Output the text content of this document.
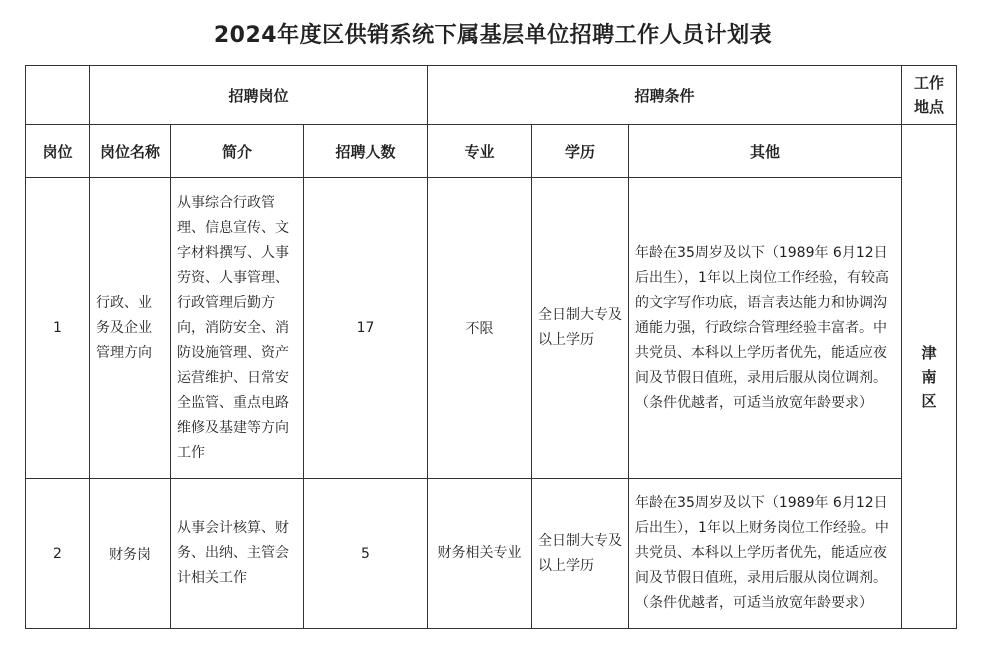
2024年度区供销系统下属基层单位招聘工作人员计划表
	招聘岗位			招聘条件			工作地点
岗位	岗位名称	简介	招聘人数	专业	学历	其他	津南区
1	行政、业务及企业管理方向	从事综合行政管理、信息宣传、文字材料撰写、人事劳资、人事管理、行政管理后勤方向，消防安全、消防设施管理、资产运营维护、日常安全监管、重点电路维修及基建等方向工作	17	不限	全日制大专及以上学历	年龄在35周岁及以下（1989年 6月12日后出生），1年以上岗位工作经验，有较高的文字写作功底，语言表达能力和协调沟通能力强，行政综合管理经验丰富者。中共党员、本科以上学历者优先，能适应夜间及节假日值班，录用后服从岗位调剂。（条件优越者，可适当放宽年龄要求）	
2	财务岗	从事会计核算、财务、出纳、主管会计相关工作	5	财务相关专业	全日制大专及以上学历	年龄在35周岁及以下（1989年 6月12日后出生），1年以上财务岗位工作经验。中共党员、本科以上学历者优先，能适应夜间及节假日值班，录用后服从岗位调剂。（条件优越者，可适当放宽年龄要求）	
